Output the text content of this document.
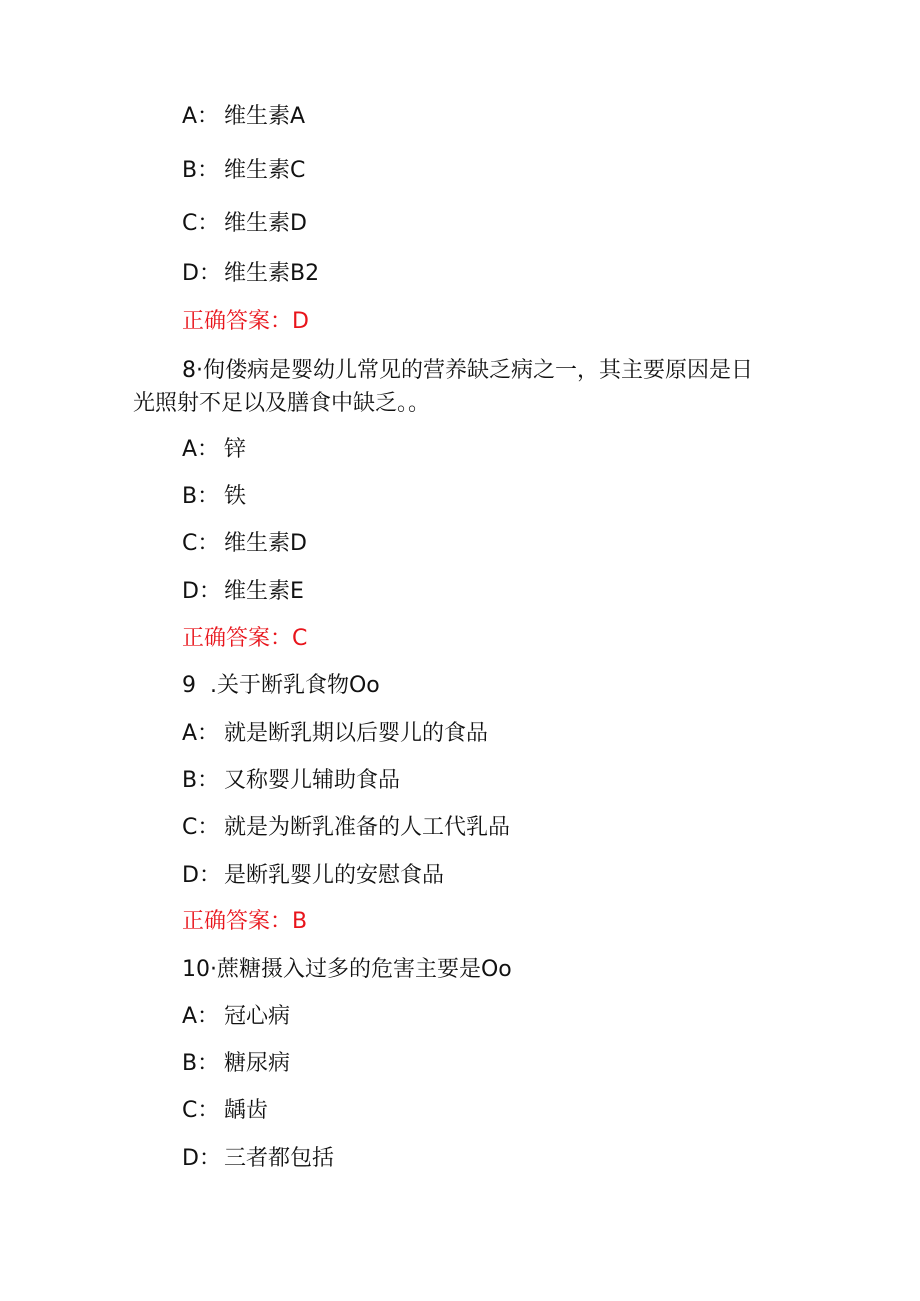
A： 维生素A

B： 维生素C

C： 维生素D

D： 维生素B2

正确答案：D

8·佝偻病是婴幼儿常见的营养缺乏病之一，其主要原因是日

光照射不足以及膳食中缺乏。。

A： 锌

B： 铁

C： 维生素D

D： 维生素E

正确答案：C

9  .关于断乳食物Oo

A： 就是断乳期以后婴儿的食品

B： 又称婴儿辅助食品

C： 就是为断乳准备的人工代乳品

D： 是断乳婴儿的安慰食品

正确答案：B

10·蔗糖摄入过多的危害主要是Oo

A： 冠心病

B： 糖尿病

C： 龋齿

D： 三者都包括
